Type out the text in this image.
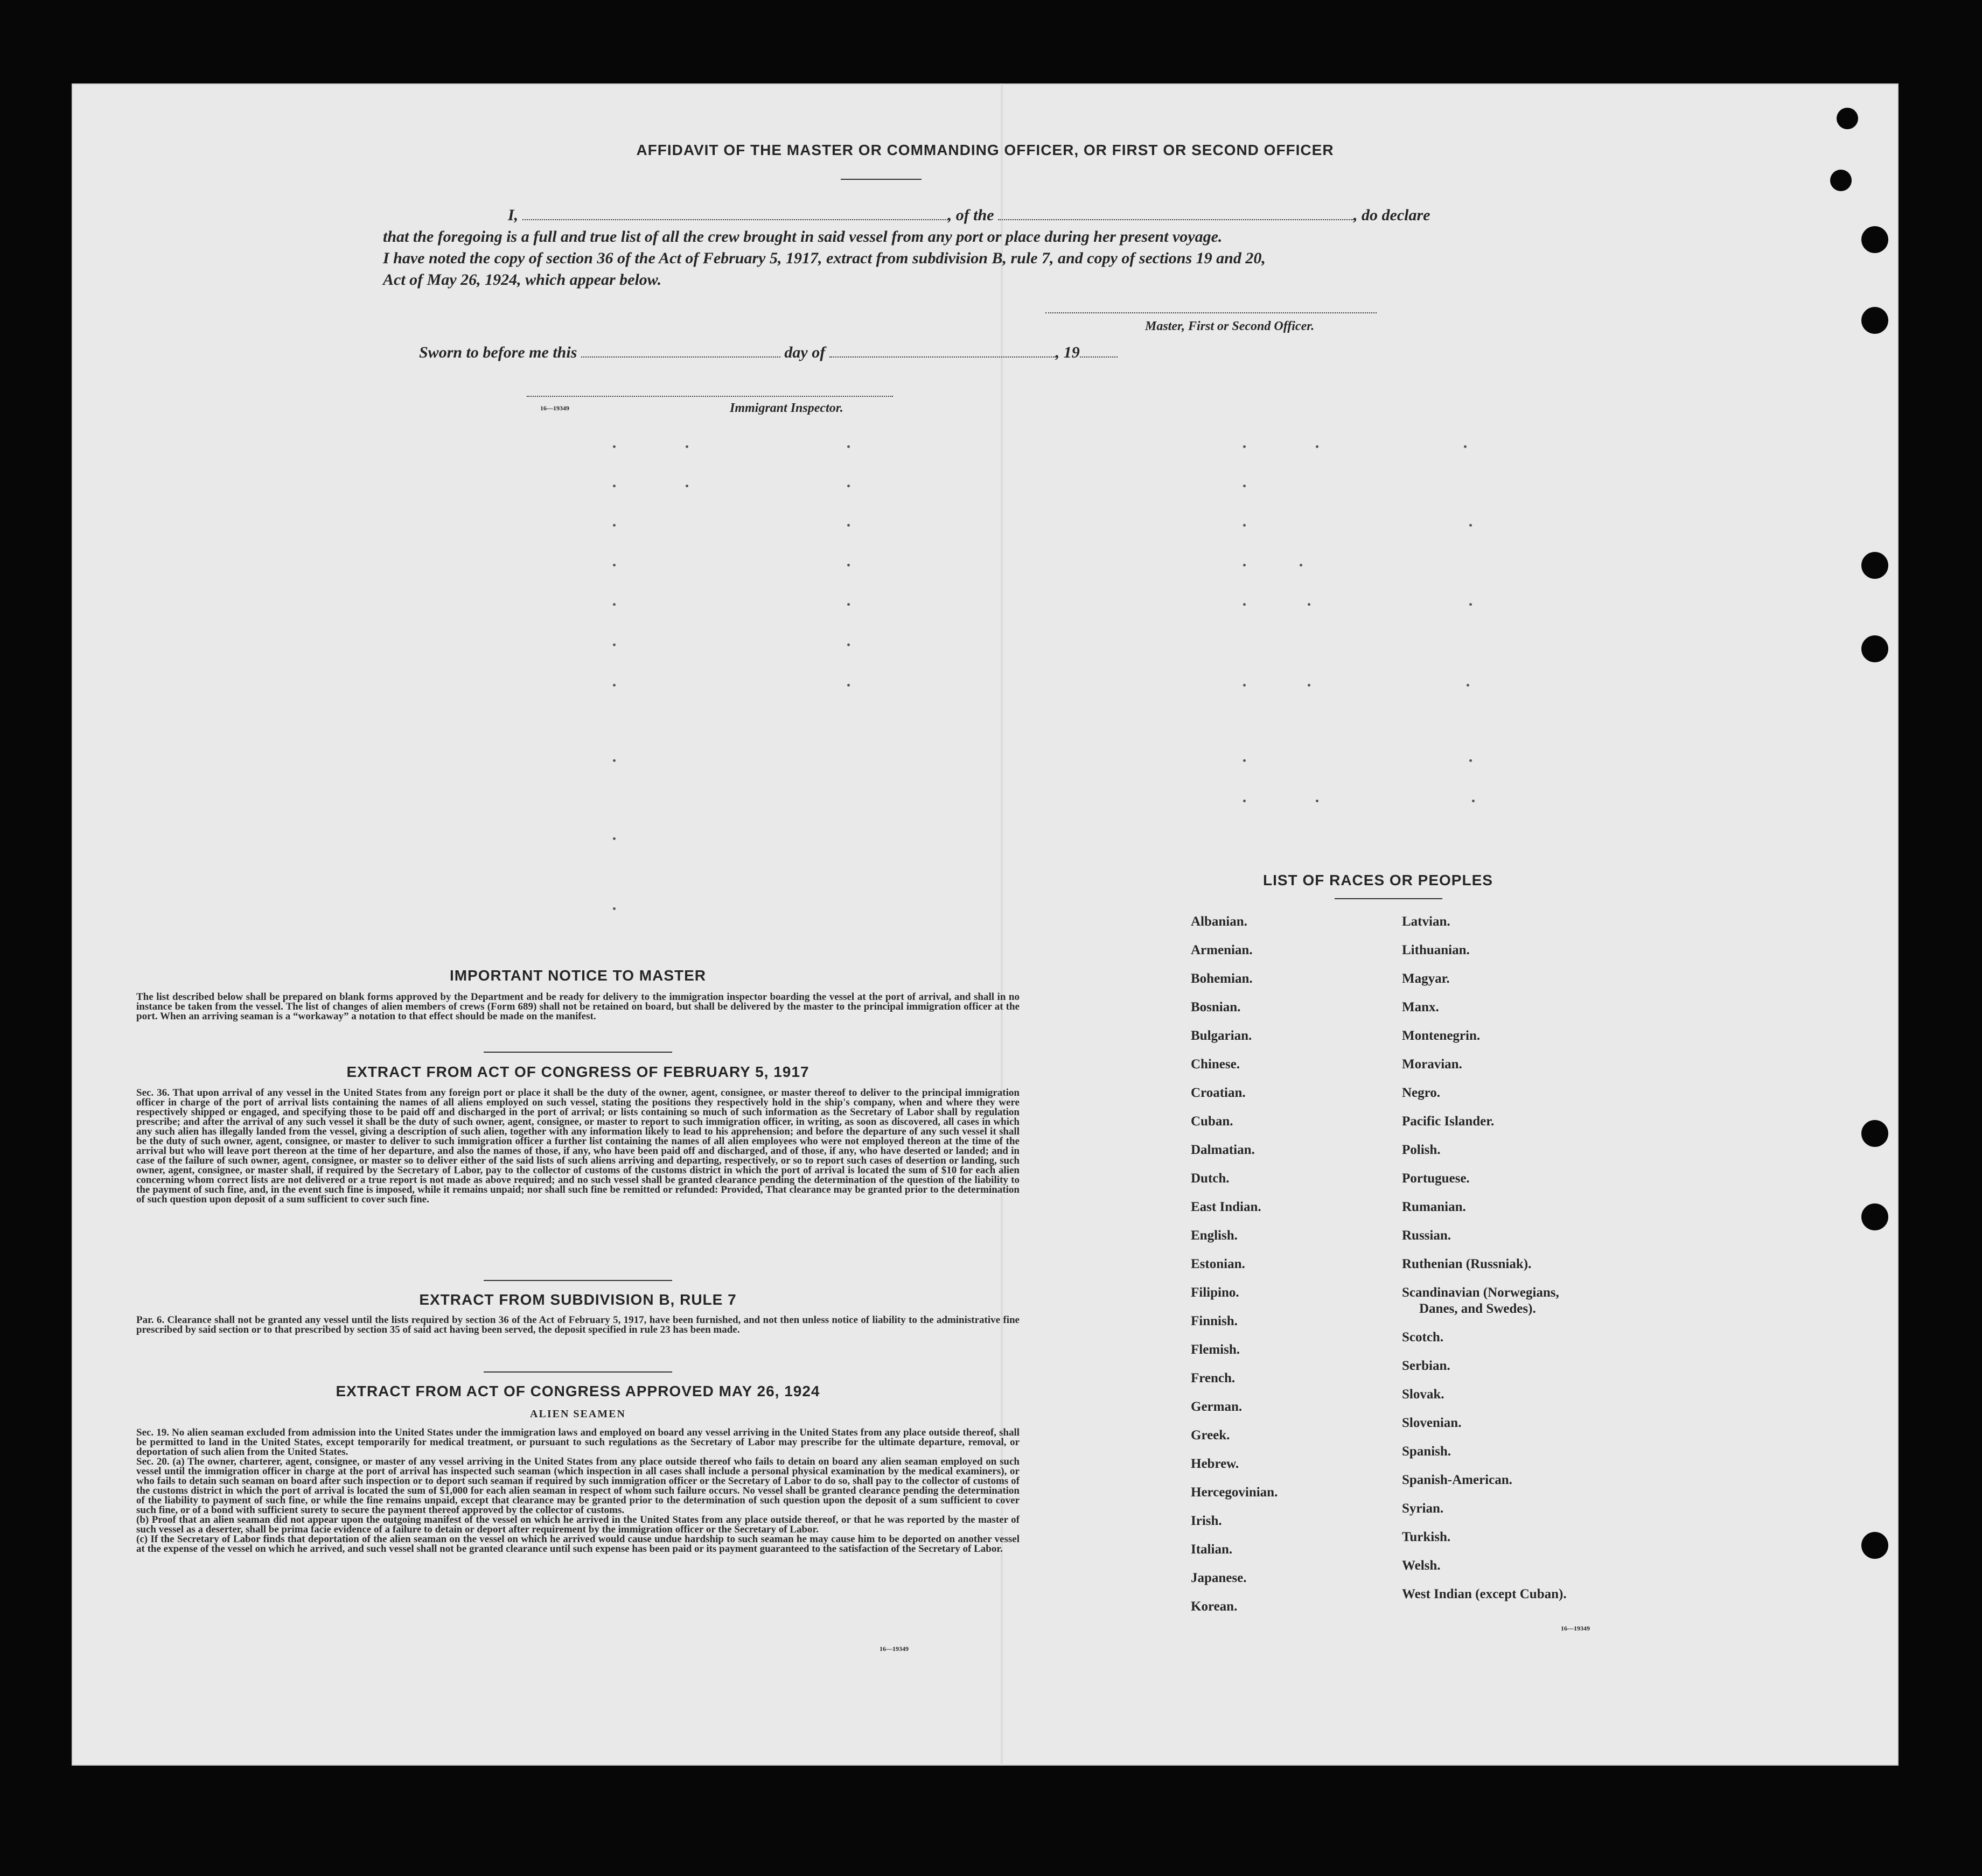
AFFIDAVIT OF THE MASTER OR COMMANDING OFFICER, OR FIRST OR SECOND OFFICER
I,	, of the	, do declare
that the foregoing is a full and true list of all the crew brought in said vessel from any port or place during her present voyage.
I have noted the copy of section 36 of the Act of February 5, 1917, extract from subdivision B, rule 7, and copy of sections 19 and 20,
Act of May 26, 1924, which appear below.
Master, First or Second Officer.
Sworn to before me this	day of	, 19
16—19349	Immigrant Inspector.
IMPORTANT NOTICE TO MASTER
The list described below shall be prepared on blank forms approved by the Department and be ready for delivery to the immigration inspector boarding the vessel at the port of arrival, and shall in no instance be taken from the vessel. The list of changes of alien members of crews (Form 689) shall not be retained on board, but shall be delivered by the master to the principal immigration officer at the port. When an arriving seaman is a “workaway” a notation to that effect should be made on the manifest.
EXTRACT FROM ACT OF CONGRESS OF FEBRUARY 5, 1917
Sec. 36. That upon arrival of any vessel in the United States from any foreign port or place it shall be the duty of the owner, agent, consignee, or master thereof to deliver to the principal immigration officer in charge of the port of arrival lists containing the names of all aliens employed on such vessel, stating the positions they respectively hold in the ship's company, when and where they were respectively shipped or engaged, and specifying those to be paid off and discharged in the port of arrival; or lists containing so much of such information as the Secretary of Labor shall by regulation prescribe; and after the arrival of any such vessel it shall be the duty of such owner, agent, consignee, or master to report to such immigration officer, in writing, as soon as discovered, all cases in which any such alien has illegally landed from the vessel, giving a description of such alien, together with any information likely to lead to his apprehension; and before the departure of any such vessel it shall be the duty of such owner, agent, consignee, or master to deliver to such immigration officer a further list containing the names of all alien employees who were not employed thereon at the time of the arrival but who will leave port thereon at the time of her departure, and also the names of those, if any, who have been paid off and discharged, and of those, if any, who have deserted or landed; and in case of the failure of such owner, agent, consignee, or master so to deliver either of the said lists of such aliens arriving and departing, respectively, or so to report such cases of desertion or landing, such owner, agent, consignee, or master shall, if required by the Secretary of Labor, pay to the collector of customs of the customs district in which the port of arrival is located the sum of $10 for each alien concerning whom correct lists are not delivered or a true report is not made as above required; and no such vessel shall be granted clearance pending the determination of the question of the liability to the payment of such fine, and, in the event such fine is imposed, while it remains unpaid; nor shall such fine be remitted or refunded: Provided, That clearance may be granted prior to the determination of such question upon deposit of a sum sufficient to cover such fine.
EXTRACT FROM SUBDIVISION B, RULE 7
Par. 6. Clearance shall not be granted any vessel until the lists required by section 36 of the Act of February 5, 1917, have been furnished, and not then unless notice of liability to the administrative fine prescribed by said section or to that prescribed by section 35 of said act having been served, the deposit specified in rule 23 has been made.
EXTRACT FROM ACT OF CONGRESS APPROVED MAY 26, 1924
ALIEN SEAMEN
Sec. 19. No alien seaman excluded from admission into the United States under the immigration laws and employed on board any vessel arriving in the United States from any place outside thereof, shall be permitted to land in the United States, except temporarily for medical treatment, or pursuant to such regulations as the Secretary of Labor may prescribe for the ultimate departure, removal, or deportation of such alien from the United States.
Sec. 20. (a) The owner, charterer, agent, consignee, or master of any vessel arriving in the United States from any place outside thereof who fails to detain on board any alien seaman employed on such vessel until the immigration officer in charge at the port of arrival has inspected such seaman (which inspection in all cases shall include a personal physical examination by the medical examiners), or who fails to detain such seaman on board after such inspection or to deport such seaman if required by such immigration officer or the Secretary of Labor to do so, shall pay to the collector of customs of the customs district in which the port of arrival is located the sum of $1,000 for each alien seaman in respect of whom such failure occurs. No vessel shall be granted clearance pending the determination of the liability to payment of such fine, or while the fine remains unpaid, except that clearance may be granted prior to the determination of such question upon the deposit of a sum sufficient to cover such fine, or of a bond with sufficient surety to secure the payment thereof approved by the collector of customs.
(b) Proof that an alien seaman did not appear upon the outgoing manifest of the vessel on which he arrived in the United States from any place outside thereof, or that he was reported by the master of such vessel as a deserter, shall be prima facie evidence of a failure to detain or deport after requirement by the immigration officer or the Secretary of Labor.
(c) If the Secretary of Labor finds that deportation of the alien seaman on the vessel on which he arrived would cause undue hardship to such seaman he may cause him to be deported on another vessel at the expense of the vessel on which he arrived, and such vessel shall not be granted clearance until such expense has been paid or its payment guaranteed to the satisfaction of the Secretary of Labor.
16—19349
LIST OF RACES OR PEOPLES
Albanian.
Armenian.
Bohemian.
Bosnian.
Bulgarian.
Chinese.
Croatian.
Cuban.
Dalmatian.
Dutch.
East Indian.
English.
Estonian.
Filipino.
Finnish.
Flemish.
French.
German.
Greek.
Hebrew.
Hercegovinian.
Irish.
Italian.
Japanese.
Korean.
Latvian.
Lithuanian.
Magyar.
Manx.
Montenegrin.
Moravian.
Negro.
Pacific Islander.
Polish.
Portuguese.
Rumanian.
Russian.
Ruthenian (Russniak).
Scandinavian (Norwegians,
Danes, and Swedes).
Scotch.
Serbian.
Slovak.
Slovenian.
Spanish.
Spanish-American.
Syrian.
Turkish.
Welsh.
West Indian (except Cuban).
16—19349
